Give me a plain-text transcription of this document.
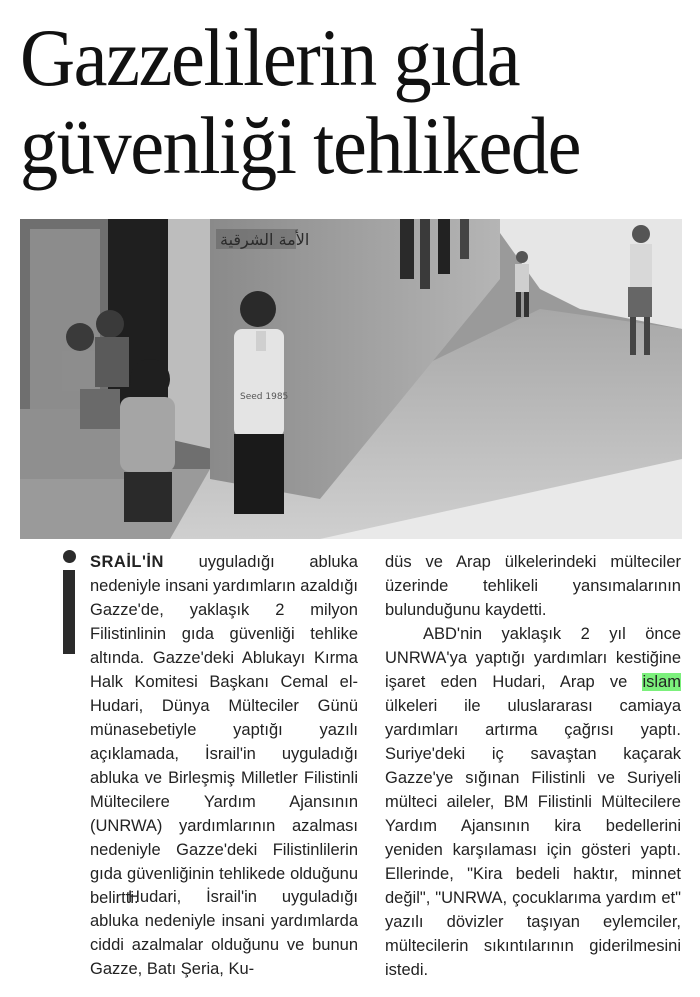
Gazzelilerin gıda
güvenliği tehlikede
الأمة الشرقية
Seed 1985

SRAİL'İN uyguladığı abluka nedeniyle insani yardımların azaldığı Gazze'de, yaklaşık 2 milyon Filistinlinin gıda güvenliği tehlike altında. Gazze'deki Ablukayı Kırma Halk Komitesi Başkanı Cemal el-Hudari, Dünya Mülteciler Günü münasebetiyle yaptığı yazılı açıklamada, İsrail'in uyguladığı abluka ve Birleşmiş Milletler Filistinli Mültecilere Yardım Ajansının (UNRWA) yardımlarının azalması nedeniyle Gazze'deki Filistinlilerin gıda güvenliğinin tehlikede olduğunu belirtti.

Hudari, İsrail'in uyguladığı abluka nedeniyle insani yardımlarda ciddi azalmalar olduğunu ve bunun Gazze, Batı Şeria, Ku-

düs ve Arap ülkelerindeki mülteciler üzerinde tehlikeli yansımalarının bulunduğunu kaydetti.

ABD'nin yaklaşık 2 yıl önce UNRWA'ya yaptığı yardımları kestiğine işaret eden Hudari, Arap ve islam ülkeleri ile uluslararası camiaya yardımları artırma çağrısı yaptı. Suriye'deki iç savaştan kaçarak Gazze'ye sığınan Filistinli ve Suriyeli mülteci aileler, BM Filistinli Mültecilere Yardım Ajansının kira bedellerini yeniden karşılaması için gösteri yaptı. Ellerinde, "Kira bedeli haktır, minnet değil", "UNRWA, çocuklarıma yardım et" yazılı dövizler taşıyan eylemciler, mültecilerin sıkıntılarının giderilmesini istedi.
